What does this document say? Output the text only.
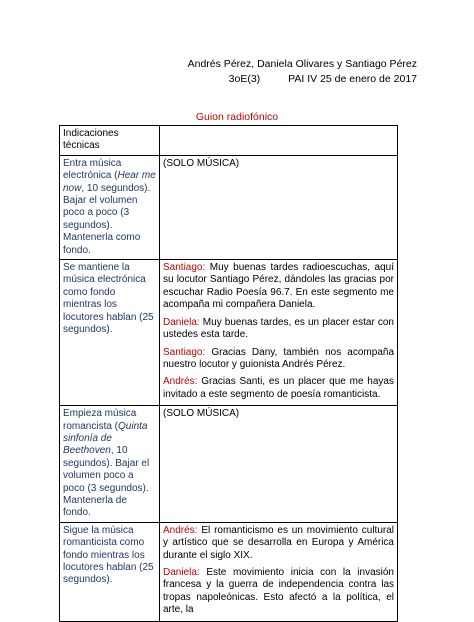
Andrés Pérez, Daniela Olivares y Santiago Pérez
3oE(3)	PAI IV 25 de enero de 2017
Guion radiofónico
Indicaciones técnicas	
Entra música electrónica (Hear me now, 10 segundos). Bajar el volumen poco a poco (3 segundos). Mantenerla como fondo.	(SOLO MÚSICA)

Se mantiene la música electrónica como fondo mientras los locutores hablan (25 segundos).	Santiago: Muy buenas tardes radioescuchas, aquí su locutor Santiago Pérez, dándoles las gracias por escuchar Radio Poesía 96.7. En este segmento me acompaña mi compañera Daniela.

Daniela: Muy buenas tardes, es un placer estar con ustedes esta tarde.

Santiago: Gracias Dany, también nos acompaña nuestro locutor y guionista Andrés Pérez.

Andrés: Gracias Santi, es un placer que me hayas invitado a este segmento de poesía romanticista.

Empieza música romancista (Quinta sinfonía de Beethoven, 10 segundos). Bajar el volumen poco a poco (3 segundos). Mantenerla de fondo.	(SOLO MÚSICA)

Sigue la música romanticista como fondo mientras los locutores hablan (25 segundos).	Andrés: El romanticismo es un movimiento cultural y artístico que se desarrolla en Europa y América durante el siglo XIX.

Daniela: Este movimiento inicia con la invasión francesa y la guerra de independencia contra las tropas napoleónicas. Esto afectó a la política, el arte, la
